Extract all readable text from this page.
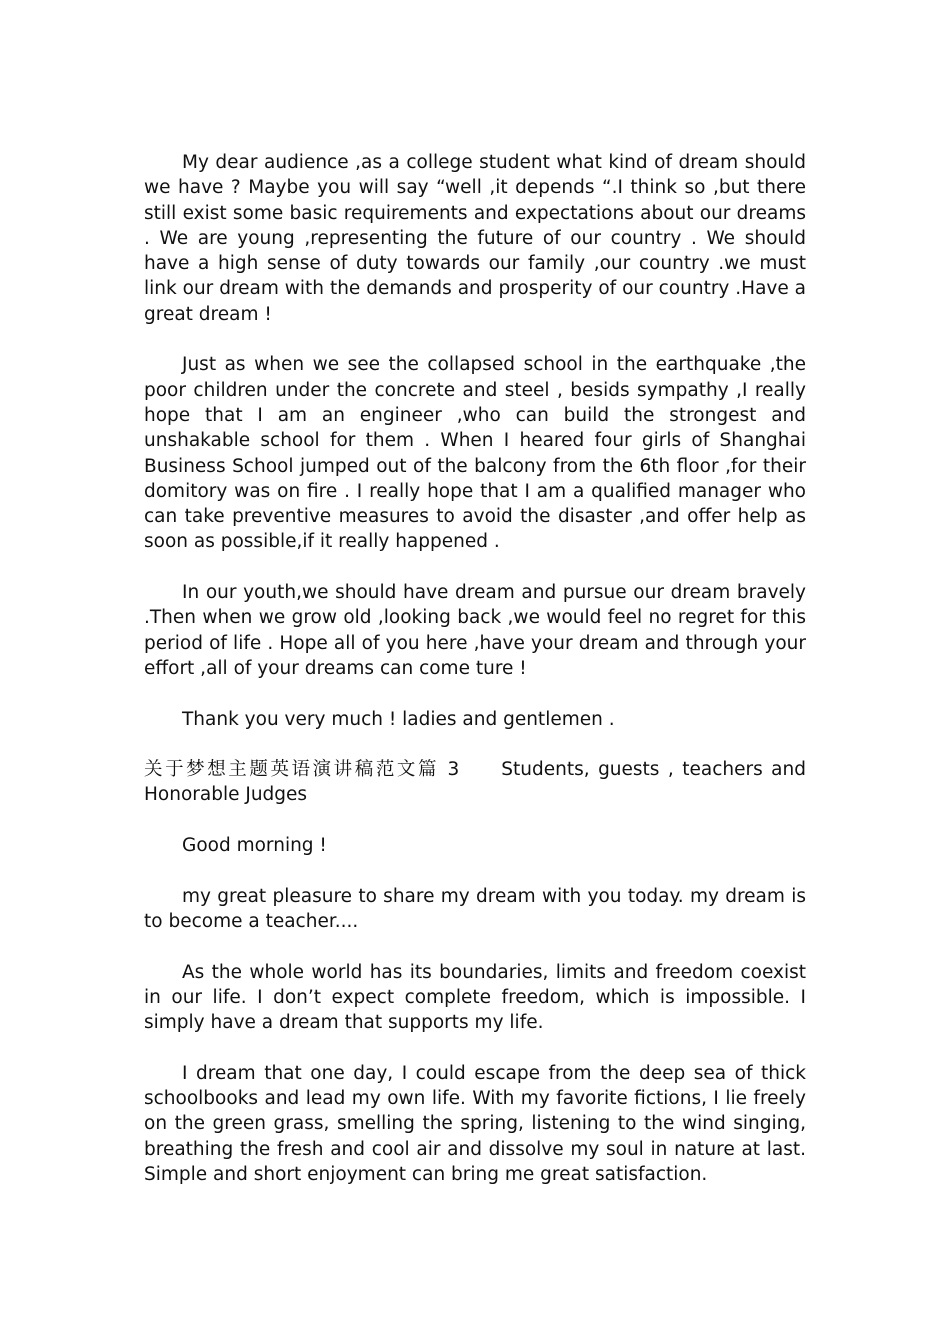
My dear audience ,as a college student what kind of dream should we have ? Maybe you will say “well ,it depends “.I think so ,but there still exist some basic requirements and expectations about our dreams . We are young ,representing the future of our country . We should have a high sense of duty towards our family ,our country .we must link our dream with the demands and prosperity of our country .Have a great dream !

Just as when we see the collapsed school in the earthquake ,the poor children under the concrete and steel , besids sympathy ,I really hope that I am an engineer ,who can build the strongest and unshakable school for them . When I heared four girls of Shanghai Business School jumped out of the balcony from the 6th floor ,for their domitory was on fire . I really hope that I am a qualified manager who can take preventive measures to avoid the disaster ,and offer help as soon as possible,if it really happened .

In our youth,we should have dream and pursue our dream bravely .Then when we grow old ,looking back ,we would feel no regret for this period of life . Hope all of you here ,have your dream and through your effort ,all of your dreams can come ture !

Thank you very much ! ladies and gentlemen .

关于梦想主题英语演讲稿范文篇 3 Students, guests , teachers and Honorable Judges

Good morning !

my great pleasure to share my dream with you today. my dream is to become a teacher....

As the whole world has its boundaries, limits and freedom coexist in our life. I don’t expect complete freedom, which is impossible. I simply have a dream that supports my life.

I dream that one day, I could escape from the deep sea of thick schoolbooks and lead my own life. With my favorite fictions, I lie freely on the green grass, smelling the spring, listening to the wind singing, breathing the fresh and cool air and dissolve my soul in nature at last. Simple and short enjoyment can bring me great satisfaction.
